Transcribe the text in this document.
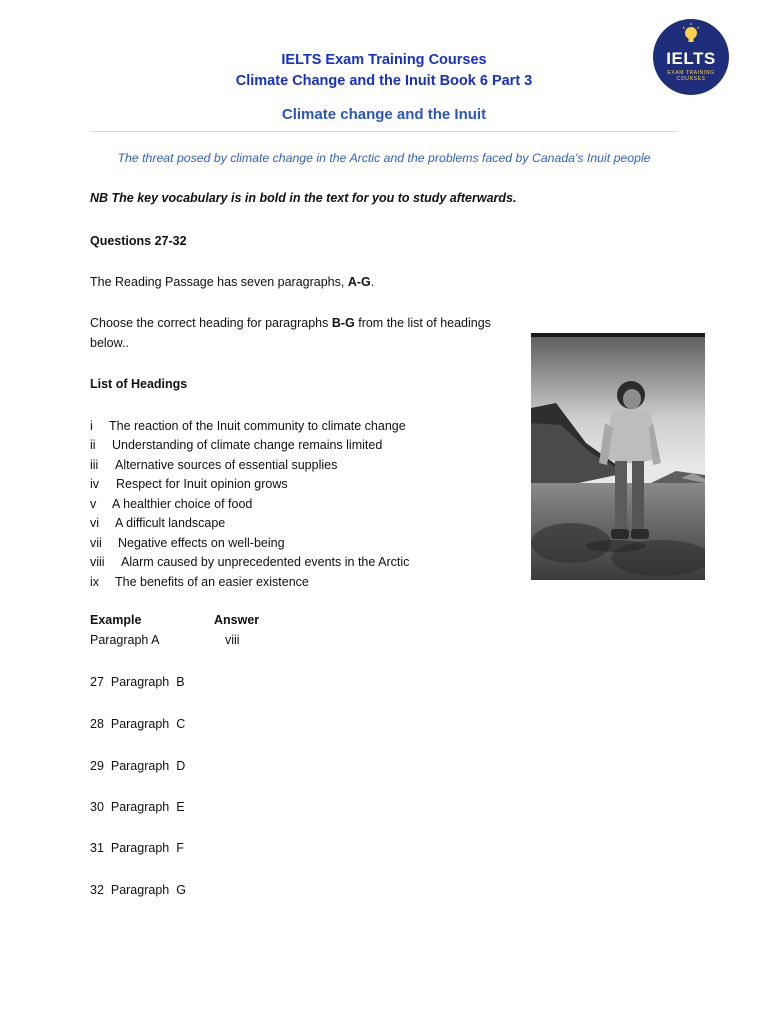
IELTS Exam Training Courses
Climate Change and the Inuit Book 6 Part 3
Climate change and the Inuit
The threat posed by climate change in the Arctic and the problems faced by Canada's Inuit people
IELTS
EXAM TRAINING
COURSES
NB The key vocabulary is in bold in the text for you to study afterwards.
Questions 27-32
The Reading Passage has seven paragraphs, A-G.
Choose the correct heading for paragraphs B-G from the list of headings
below..
List of Headings
i The reaction of the Inuit community to climate change
ii Understanding of climate change remains limited
iii Alternative sources of essential supplies
iv Respect for Inuit opinion grows
v A healthier choice of food
vi A difficult landscape
vii Negative effects on well-being
viii Alarm caused by unprecedented events in the Arctic
ix The benefits of an easier existence
Example	Answer
Paragraph A	viii
27 Paragraph B
28 Paragraph C
29 Paragraph D
30 Paragraph E
31 Paragraph F
32 Paragraph G
